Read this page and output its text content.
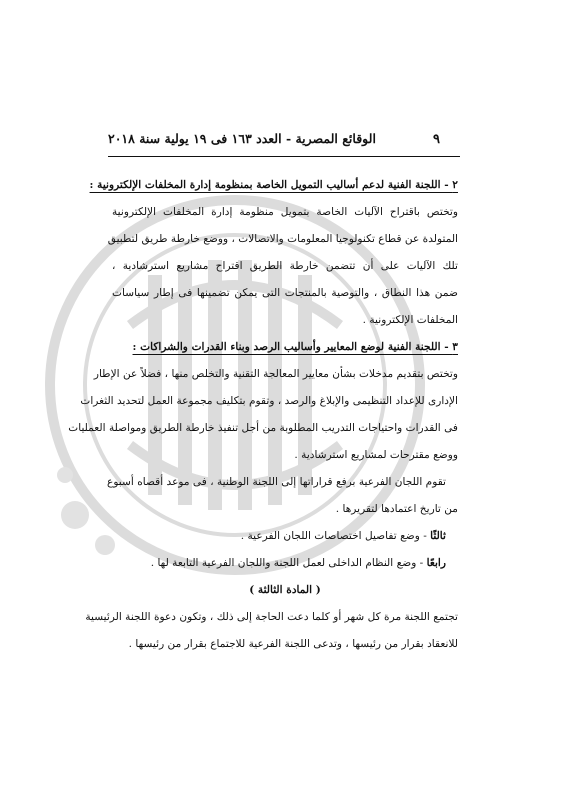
٩
الوقائع المصرية - العدد ١٦٣ فى ١٩ يولية سنة ٢٠١٨
٢ - اللجنة الفنية لدعم أساليب التمويل الخاصة بمنظومة إدارة المخلفات الإلكترونية :
وتختص باقتراح الآليات الخاصة بتمويل منظومة إدارة المخلفات الإلكترونية
المتولدة عن قطاع تكنولوجيا المعلومات والاتصالات ، ووضع خارطة طريق لتطبيق
تلك الآليات على أن تتضمن خارطة الطريق اقتراح مشاريع استرشادية ،
ضمن هذا النطاق ، والتوصية بالمنتجات التى يمكن تضمينها فى إطار سياسات
المخلفات الإلكترونية .
٣ - اللجنة الفنية لوضع المعايير وأساليب الرصد وبناء القدرات والشراكات :
وتختص بتقديم مدخلات بشأن معايير المعالجة التقنية والتخلص منها ، فضلاً عن الإطار
الإدارى للإعداد التنظيمى والإبلاغ والرصد ، وتقوم بتكليف مجموعة العمل لتحديد الثغرات
فى القدرات واحتياجات التدريب المطلوبة من أجل تنفيذ خارطة الطريق ومواصلة العمليات
ووضع مقترحات لمشاريع استرشادية .
تقوم اللجان الفرعية برفع قراراتها إلى اللجنة الوطنية ، فى موعد أقصاه أسبوع
من تاريخ اعتمادها لتقريرها .
ثالثًا - وضع تفاصيل اختصاصات اللجان الفرعية .
رابعًا - وضع النظام الداخلى لعمل اللجنة واللجان الفرعية التابعة لها .
( المادة الثالثة )
تجتمع اللجنة مرة كل شهر أو كلما دعت الحاجة إلى ذلك ، وتكون دعوة اللجنة الرئيسية
للانعقاد بقرار من رئيسها ، وتدعى اللجنة الفرعية للاجتماع بقرار من رئيسها .
